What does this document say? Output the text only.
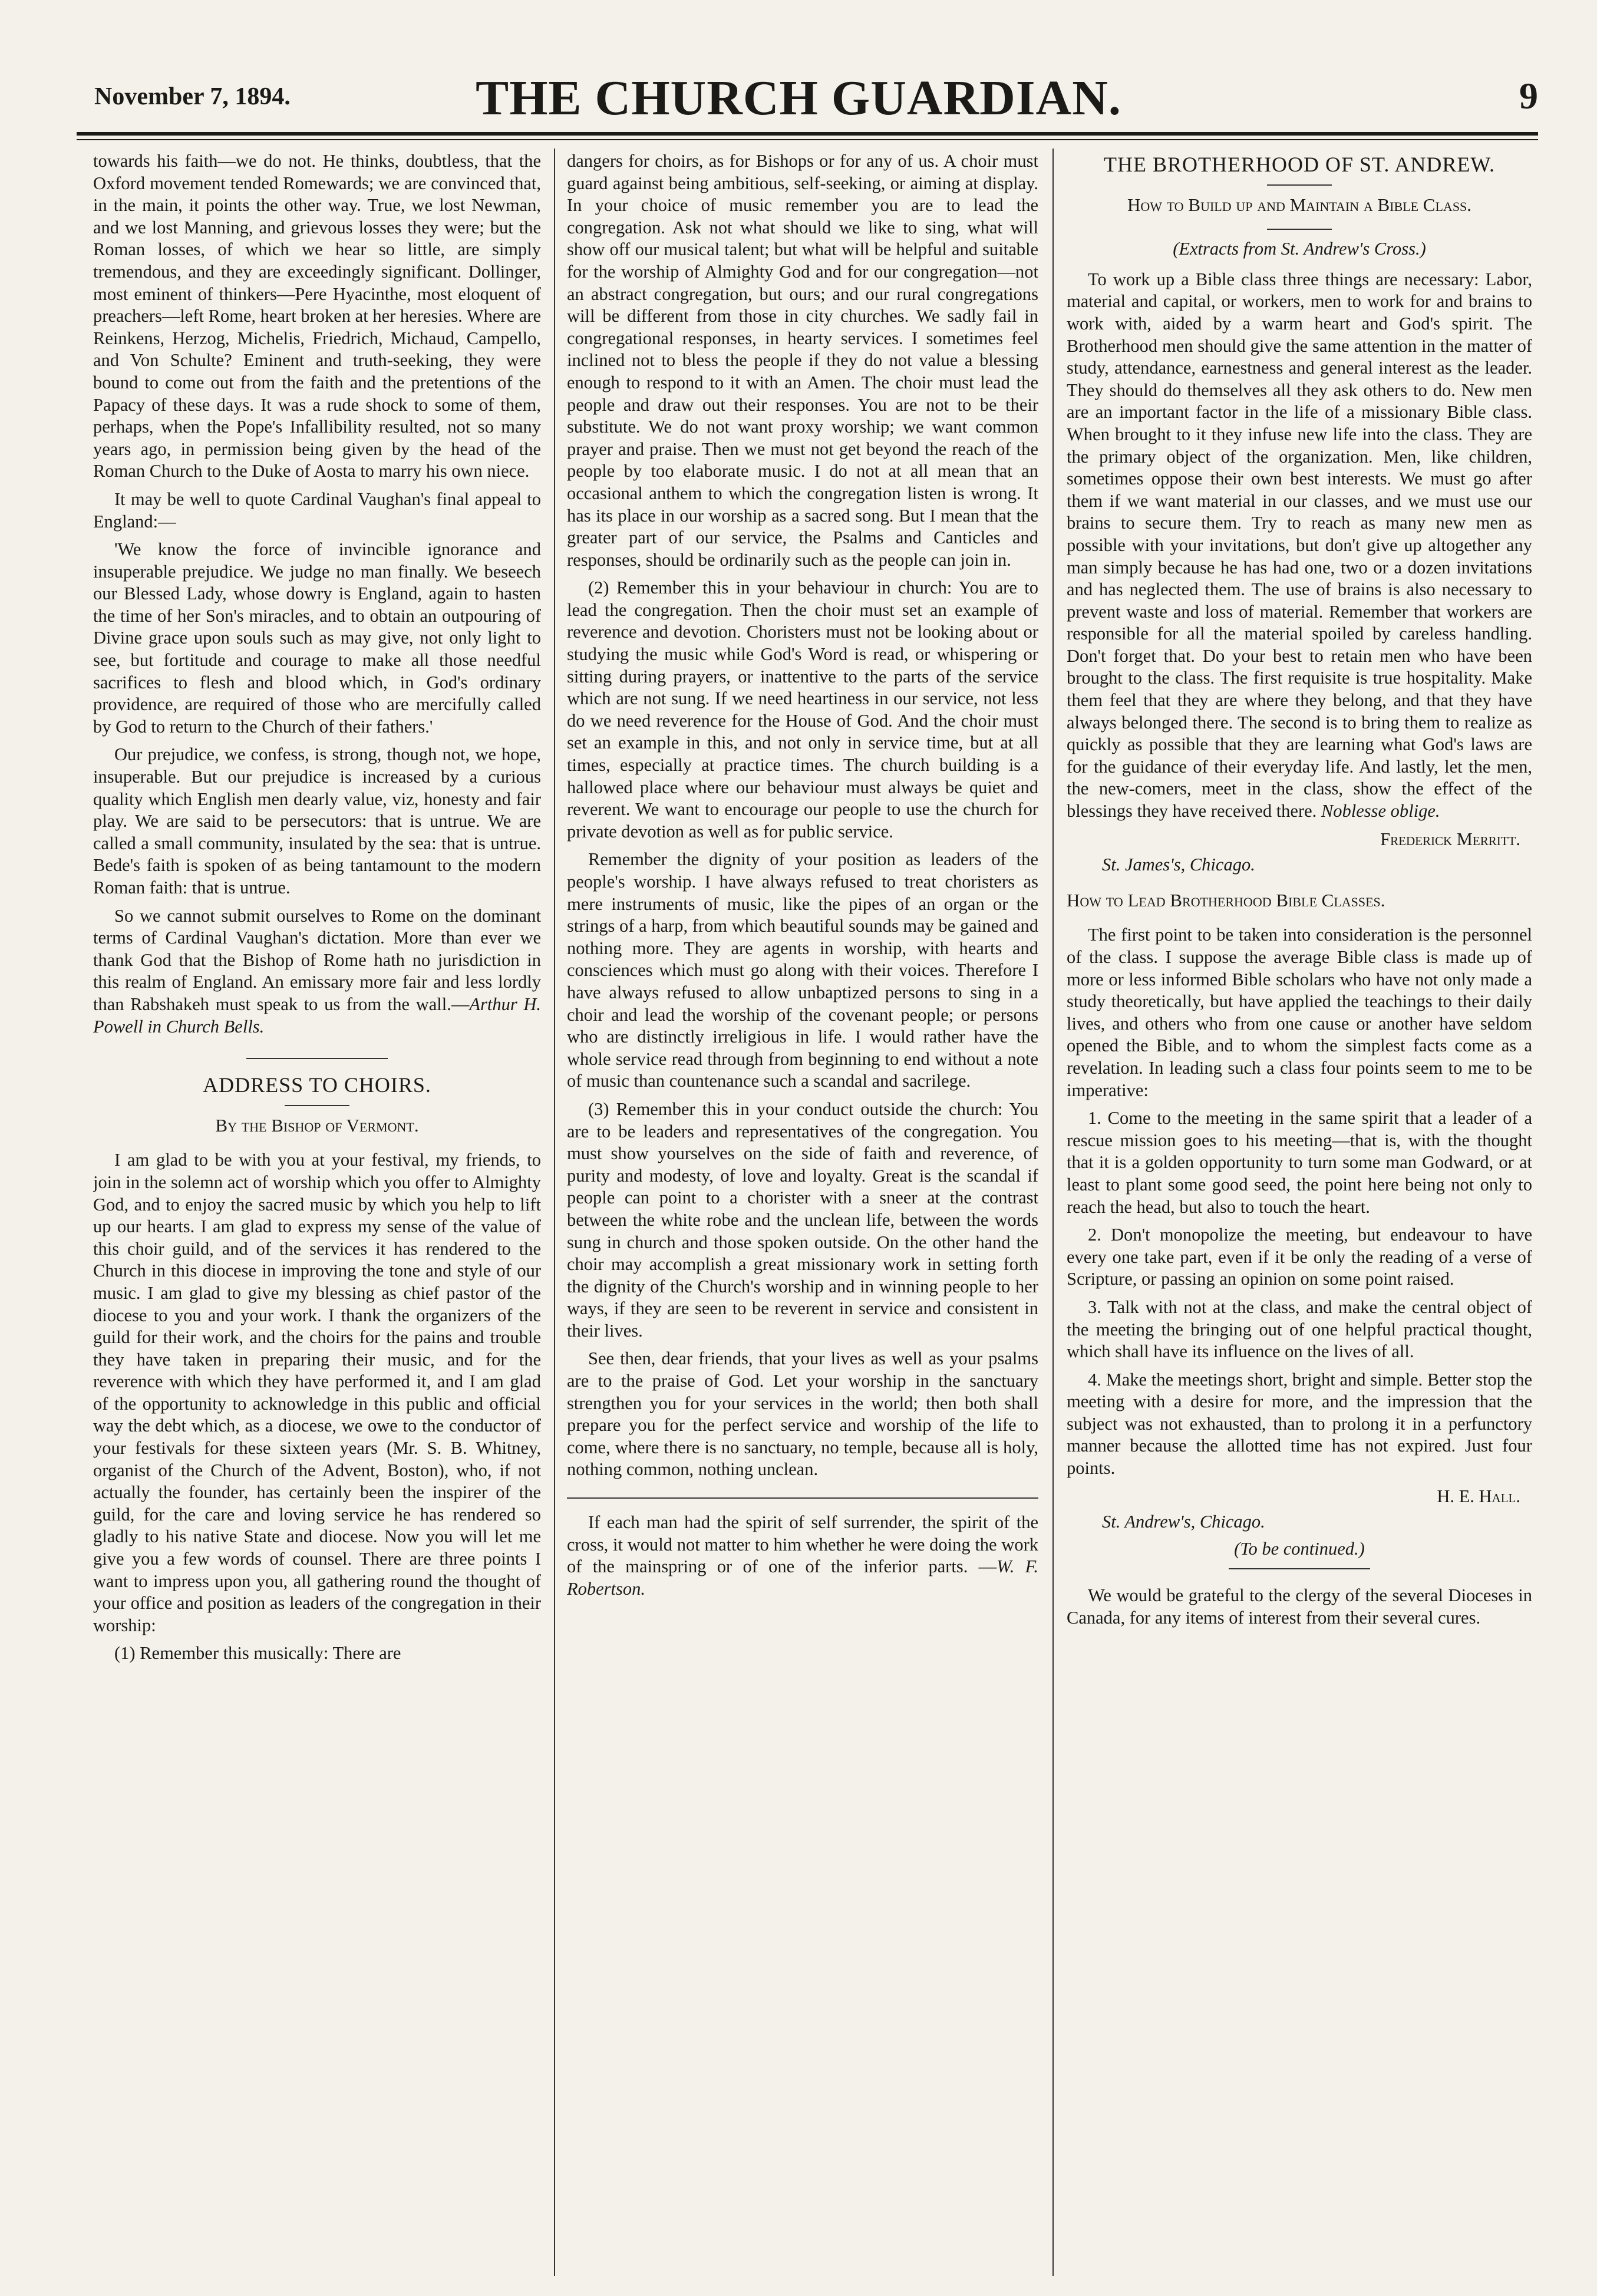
November 7, 1894.	THE CHURCH GUARDIAN.	9

towards his faith—we do not. He thinks, doubtless, that the Oxford movement tended Romewards; we are convinced that, in the main, it points the other way. True, we lost Newman, and we lost Manning, and grievous losses they were; but the Roman losses, of which we hear so little, are simply tremendous, and they are exceedingly significant. Dollinger, most eminent of thinkers—Pere Hyacinthe, most eloquent of preachers—left Rome, heart broken at her heresies. Where are Reinkens, Herzog, Michelis, Friedrich, Michaud, Campello, and Von Schulte? Eminent and truth-seeking, they were bound to come out from the faith and the pretentions of the Papacy of these days. It was a rude shock to some of them, perhaps, when the Pope's Infallibility resulted, not so many years ago, in permission being given by the head of the Roman Church to the Duke of Aosta to marry his own niece.

It may be well to quote Cardinal Vaughan's final appeal to England:—

'We know the force of invincible ignorance and insuperable prejudice. We judge no man finally. We beseech our Blessed Lady, whose dowry is England, again to hasten the time of her Son's miracles, and to obtain an outpouring of Divine grace upon souls such as may give, not only light to see, but fortitude and courage to make all those needful sacrifices to flesh and blood which, in God's ordinary providence, are required of those who are mercifully called by God to return to the Church of their fathers.'

Our prejudice, we confess, is strong, though not, we hope, insuperable. But our prejudice is increased by a curious quality which English men dearly value, viz, honesty and fair play. We are said to be persecutors: that is untrue. We are called a small community, insulated by the sea: that is untrue. Bede's faith is spoken of as being tantamount to the modern Roman faith: that is untrue.

So we cannot submit ourselves to Rome on the dominant terms of Cardinal Vaughan's dictation. More than ever we thank God that the Bishop of Rome hath no jurisdiction in this realm of England. An emissary more fair and less lordly than Rabshakeh must speak to us from the wall.—Arthur H. Powell in Church Bells.

ADDRESS TO CHOIRS.
By the Bishop of Vermont.

I am glad to be with you at your festival, my friends, to join in the solemn act of worship which you offer to Almighty God, and to enjoy the sacred music by which you help to lift up our hearts. I am glad to express my sense of the value of this choir guild, and of the services it has rendered to the Church in this diocese in improving the tone and style of our music. I am glad to give my blessing as chief pastor of the diocese to you and your work. I thank the organizers of the guild for their work, and the choirs for the pains and trouble they have taken in preparing their music, and for the reverence with which they have performed it, and I am glad of the opportunity to acknowledge in this public and official way the debt which, as a diocese, we owe to the conductor of your festivals for these sixteen years (Mr. S. B. Whitney, organist of the Church of the Advent, Boston), who, if not actually the founder, has certainly been the inspirer of the guild, for the care and loving service he has rendered so gladly to his native State and diocese. Now you will let me give you a few words of counsel. There are three points I want to impress upon you, all gathering round the thought of your office and position as leaders of the congregation in their worship:

(1) Remember this musically: There are

dangers for choirs, as for Bishops or for any of us. A choir must guard against being ambitious, self-seeking, or aiming at display. In your choice of music remember you are to lead the congregation. Ask not what should we like to sing, what will show off our musical talent; but what will be helpful and suitable for the worship of Almighty God and for our congregation—not an abstract congregation, but ours; and our rural congregations will be different from those in city churches. We sadly fail in congregational responses, in hearty services. I sometimes feel inclined not to bless the people if they do not value a blessing enough to respond to it with an Amen. The choir must lead the people and draw out their responses. You are not to be their substitute. We do not want proxy worship; we want common prayer and praise. Then we must not get beyond the reach of the people by too elaborate music. I do not at all mean that an occasional anthem to which the congregation listen is wrong. It has its place in our worship as a sacred song. But I mean that the greater part of our service, the Psalms and Canticles and responses, should be ordinarily such as the people can join in.

(2) Remember this in your behaviour in church: You are to lead the congregation. Then the choir must set an example of reverence and devotion. Choristers must not be looking about or studying the music while God's Word is read, or whispering or sitting during prayers, or inattentive to the parts of the service which are not sung. If we need heartiness in our service, not less do we need reverence for the House of God. And the choir must set an example in this, and not only in service time, but at all times, especially at practice times. The church building is a hallowed place where our behaviour must always be quiet and reverent. We want to encourage our people to use the church for private devotion as well as for public service.

Remember the dignity of your position as leaders of the people's worship. I have always refused to treat choristers as mere instruments of music, like the pipes of an organ or the strings of a harp, from which beautiful sounds may be gained and nothing more. They are agents in worship, with hearts and consciences which must go along with their voices. Therefore I have always refused to allow unbaptized persons to sing in a choir and lead the worship of the covenant people; or persons who are distinctly irreligious in life. I would rather have the whole service read through from beginning to end without a note of music than countenance such a scandal and sacrilege.

(3) Remember this in your conduct outside the church: You are to be leaders and representatives of the congregation. You must show yourselves on the side of faith and reverence, of purity and modesty, of love and loyalty. Great is the scandal if people can point to a chorister with a sneer at the contrast between the white robe and the unclean life, between the words sung in church and those spoken outside. On the other hand the choir may accomplish a great missionary work in setting forth the dignity of the Church's worship and in winning people to her ways, if they are seen to be reverent in service and consistent in their lives.

See then, dear friends, that your lives as well as your psalms are to the praise of God. Let your worship in the sanctuary strengthen you for your services in the world; then both shall prepare you for the perfect service and worship of the life to come, where there is no sanctuary, no temple, because all is holy, nothing common, nothing unclean.

If each man had the spirit of self surrender, the spirit of the cross, it would not matter to him whether he were doing the work of the mainspring or of one of the inferior parts. —W. F. Robertson.

THE BROTHERHOOD OF ST. ANDREW.
How to Build up and Maintain a Bible Class.
(Extracts from St. Andrew's Cross.)

To work up a Bible class three things are necessary: Labor, material and capital, or workers, men to work for and brains to work with, aided by a warm heart and God's spirit. The Brotherhood men should give the same attention in the matter of study, attendance, earnestness and general interest as the leader. They should do themselves all they ask others to do. New men are an important factor in the life of a missionary Bible class. When brought to it they infuse new life into the class. They are the primary object of the organization. Men, like children, sometimes oppose their own best interests. We must go after them if we want material in our classes, and we must use our brains to secure them. Try to reach as many new men as possible with your invitations, but don't give up altogether any man simply because he has had one, two or a dozen invitations and has neglected them. The use of brains is also necessary to prevent waste and loss of material. Remember that workers are responsible for all the material spoiled by careless handling. Don't forget that. Do your best to retain men who have been brought to the class. The first requisite is true hospitality. Make them feel that they are where they belong, and that they have always belonged there. The second is to bring them to realize as quickly as possible that they are learning what God's laws are for the guidance of their everyday life. And lastly, let the men, the new-comers, meet in the class, show the effect of the blessings they have received there. Noblesse oblige.

Frederick Merritt.
St. James's, Chicago.
How to Lead Brotherhood Bible Classes.

The first point to be taken into consideration is the personnel of the class. I suppose the average Bible class is made up of more or less informed Bible scholars who have not only made a study theoretically, but have applied the teachings to their daily lives, and others who from one cause or another have seldom opened the Bible, and to whom the simplest facts come as a revelation. In leading such a class four points seem to me to be imperative:

1. Come to the meeting in the same spirit that a leader of a rescue mission goes to his meeting—that is, with the thought that it is a golden opportunity to turn some man Godward, or at least to plant some good seed, the point here being not only to reach the head, but also to touch the heart.

2. Don't monopolize the meeting, but endeavour to have every one take part, even if it be only the reading of a verse of Scripture, or passing an opinion on some point raised.

3. Talk with not at the class, and make the central object of the meeting the bringing out of one helpful practical thought, which shall have its influence on the lives of all.

4. Make the meetings short, bright and simple. Better stop the meeting with a desire for more, and the impression that the subject was not exhausted, than to prolong it in a perfunctory manner because the allotted time has not expired. Just four points.

H. E. Hall.
St. Andrew's, Chicago.
(To be continued.)

We would be grateful to the clergy of the several Dioceses in Canada, for any items of interest from their several cures.
